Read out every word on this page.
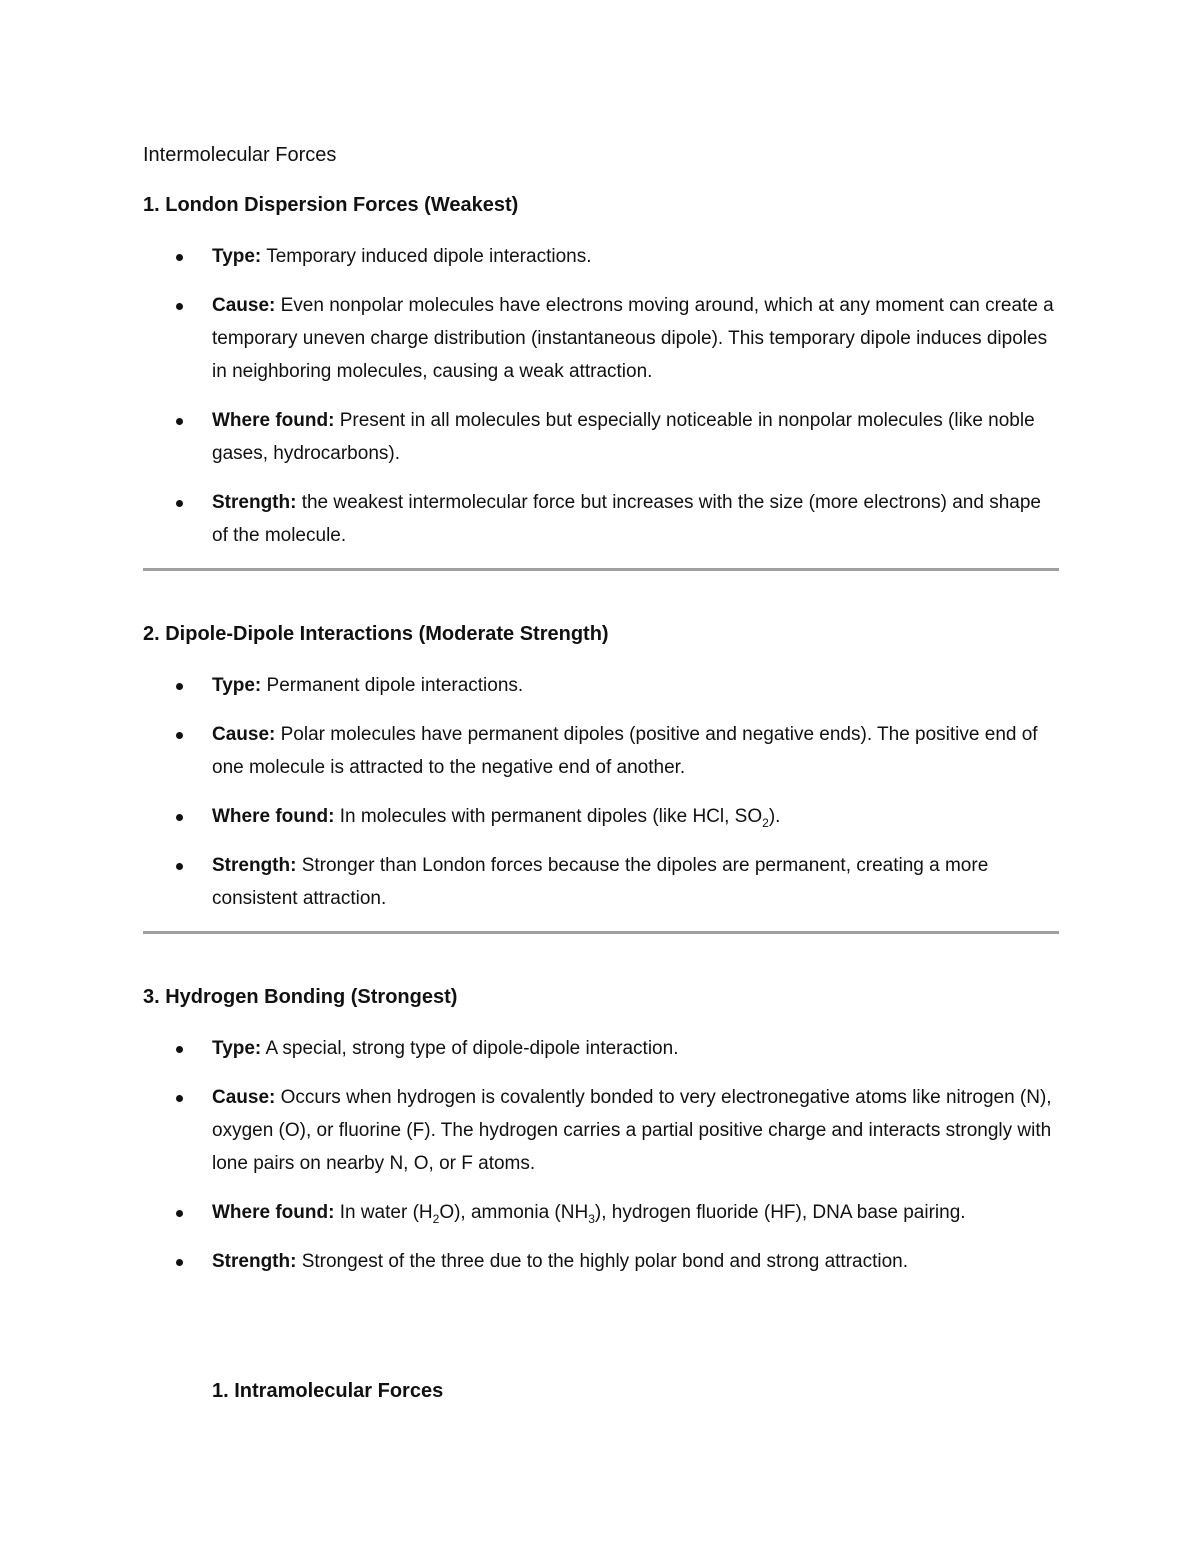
Intermolecular Forces
1. London Dispersion Forces (Weakest)
Type: Temporary induced dipole interactions.
Cause: Even nonpolar molecules have electrons moving around, which at any moment can create a temporary uneven charge distribution (instantaneous dipole). This temporary dipole induces dipoles in neighboring molecules, causing a weak attraction.
Where found: Present in all molecules but especially noticeable in nonpolar molecules (like noble gases, hydrocarbons).
Strength: the weakest intermolecular force but increases with the size (more electrons) and shape of the molecule.
2. Dipole-Dipole Interactions (Moderate Strength)
Type: Permanent dipole interactions.
Cause: Polar molecules have permanent dipoles (positive and negative ends). The positive end of one molecule is attracted to the negative end of another.
Where found: In molecules with permanent dipoles (like HCl, $SO_2$).
Strength: Stronger than London forces because the dipoles are permanent, creating a more consistent attraction.
3. Hydrogen Bonding (Strongest)
Type: A special, strong type of dipole-dipole interaction.
Cause: Occurs when hydrogen is covalently bonded to very electronegative atoms like nitrogen (N), oxygen (O), or fluorine (F). The hydrogen carries a partial positive charge and interacts strongly with lone pairs on nearby N, O, or F atoms.
Where found: In water $(H_2O)$, ammonia $(NH_3)$, hydrogen fluoride (HF), DNA base pairing.
Strength: Strongest of the three due to the highly polar bond and strong attraction.
1. Intramolecular Forces
